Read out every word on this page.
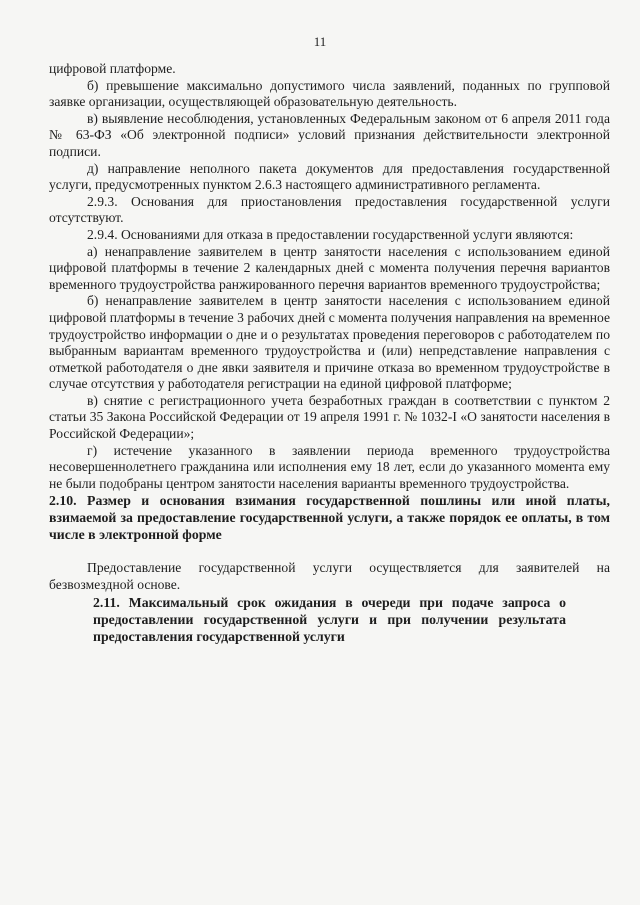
11

цифровой платформе.

б) превышение максимально допустимого числа заявлений, поданных по групповой заявке организации, осуществляющей образовательную деятельность.

в) выявление несоблюдения, установленных Федеральным законом от 6 апреля 2011 года № 63-ФЗ «Об электронной подписи» условий признания действительности электронной подписи.

д) направление неполного пакета документов для предоставления государственной услуги, предусмотренных пунктом 2.6.3 настоящего административного регламента.

2.9.3. Основания для приостановления предоставления государственной услуги отсутствуют.

2.9.4. Основаниями для отказа в предоставлении государственной услуги являются:

а) ненаправление заявителем в центр занятости населения с использованием единой цифровой платформы в течение 2 календарных дней с момента получения перечня вариантов временного трудоустройства ранжированного перечня вариантов временного трудоустройства;

б) ненаправление заявителем в центр занятости населения с использованием единой цифровой платформы в течение 3 рабочих дней с момента получения направления на временное трудоустройство информации о дне и о результатах проведения переговоров с работодателем по выбранным вариантам временного трудоустройства и (или) непредставление направления с отметкой работодателя о дне явки заявителя и причине отказа во временном трудоустройстве в случае отсутствия у работодателя регистрации на единой цифровой платформе;

в) снятие с регистрационного учета безработных граждан в соответствии с пунктом 2 статьи 35 Закона Российской Федерации от 19 апреля 1991 г. № 1032-I «О занятости населения в Российской Федерации»;

г) истечение указанного в заявлении периода временного трудоустройства несовершеннолетнего гражданина или исполнения ему 18 лет, если до указанного момента ему не были подобраны центром занятости населения варианты временного трудоустройства.

2.10. Размер и основания взимания государственной пошлины или иной платы, взимаемой за предоставление государственной услуги, а также порядок ее оплаты, в том числе в электронной форме

Предоставление государственной услуги осуществляется для заявителей на безвозмездной основе.

2.11. Максимальный срок ожидания в очереди при подаче запроса о предоставлении государственной услуги и при получении результата предоставления государственной услуги
